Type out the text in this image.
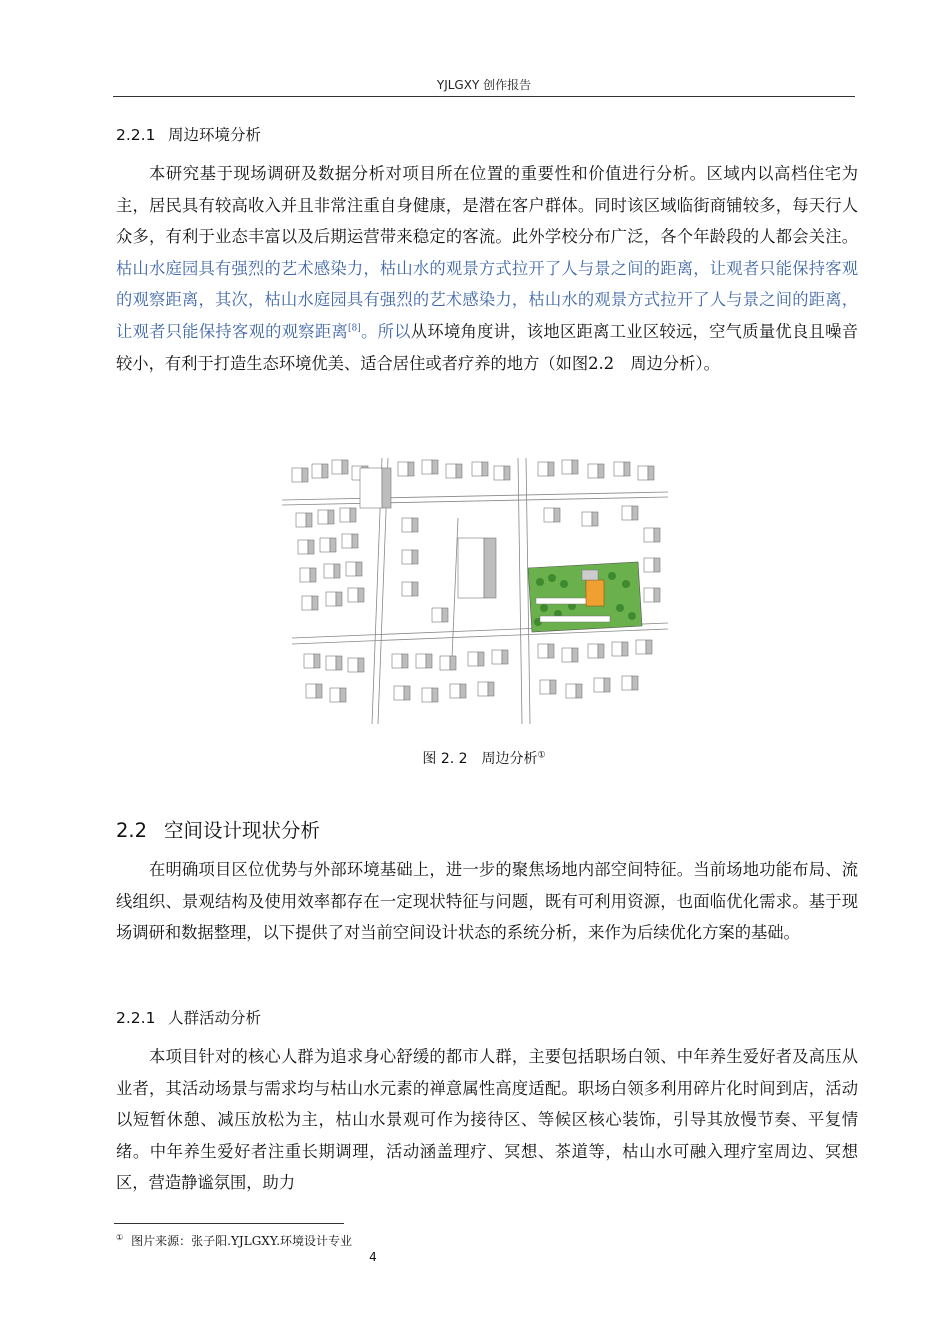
YJLGXY 创作报告
2.2.1 周边环境分析

本研究基于现场调研及数据分析对项目所在位置的重要性和价值进行分析。区域内以高档住宅为主，居民具有较高收入并且非常注重自身健康，是潜在客户群体。同时该区域临街商铺较多，每天行人众多，有利于业态丰富以及后期运营带来稳定的客流。此外学校分布广泛，各个年龄段的人都会关注。枯山水庭园具有强烈的艺术感染力，枯山水的观景方式拉开了人与景之间的距离，让观者只能保持客观的观察距离，其次，枯山水庭园具有强烈的艺术感染力，枯山水的观景方式拉开了人与景之间的距离，让观者只能保持客观的观察距离[8]。所以从环境角度讲，该地区距离工业区较远，空气质量优良且噪音较小，有利于打造生态环境优美、适合居住或者疗养的地方（如图2.2　周边分析）。

图 2. 2　周边分析①
2.2 空间设计现状分析

在明确项目区位优势与外部环境基础上，进一步的聚焦场地内部空间特征。当前场地功能布局、流线组织、景观结构及使用效率都存在一定现状特征与问题，既有可利用资源，也面临优化需求。基于现场调研和数据整理，以下提供了对当前空间设计状态的系统分析，来作为后续优化方案的基础。

2.2.1 人群活动分析

本项目针对的核心人群为追求身心舒缓的都市人群，主要包括职场白领、中年养生爱好者及高压从业者，其活动场景与需求均与枯山水元素的禅意属性高度适配。职场白领多利用碎片化时间到店，活动以短暂休憩、减压放松为主，枯山水景观可作为接待区、等候区核心装饰，引导其放慢节奏、平复情绪。中年养生爱好者注重长期调理，活动涵盖理疗、冥想、茶道等，枯山水可融入理疗室周边、冥想区，营造静谧氛围，助力

① 图片来源：张子阳.YJLGXY.环境设计专业
4
